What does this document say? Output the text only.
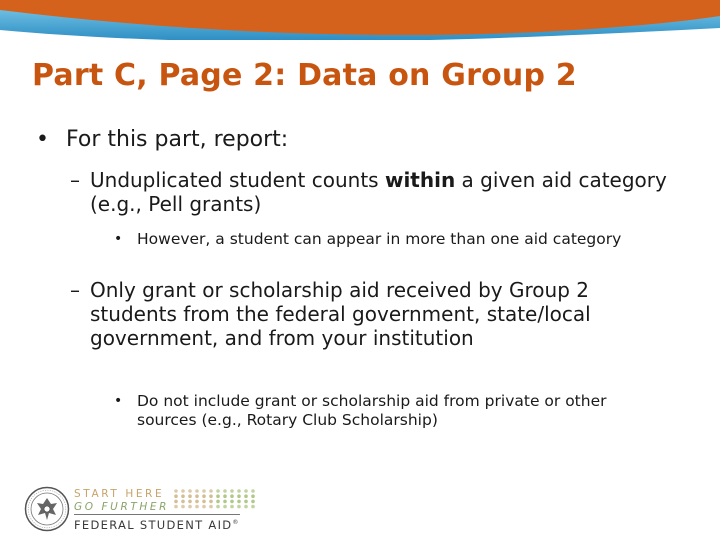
Part C, Page 2: Data on Group 2
• For this part, report:
– Unduplicated student counts within a given aid category (e.g., Pell grants)
• However, a student can appear in more than one aid category
– Only grant or scholarship aid received by Group 2 students from the federal government, state/local government, and from your institution
• Do not include grant or scholarship aid from private or other sources (e.g., Rotary Club Scholarship)
START HERE
GO FURTHER
FEDERAL STUDENT AID®
